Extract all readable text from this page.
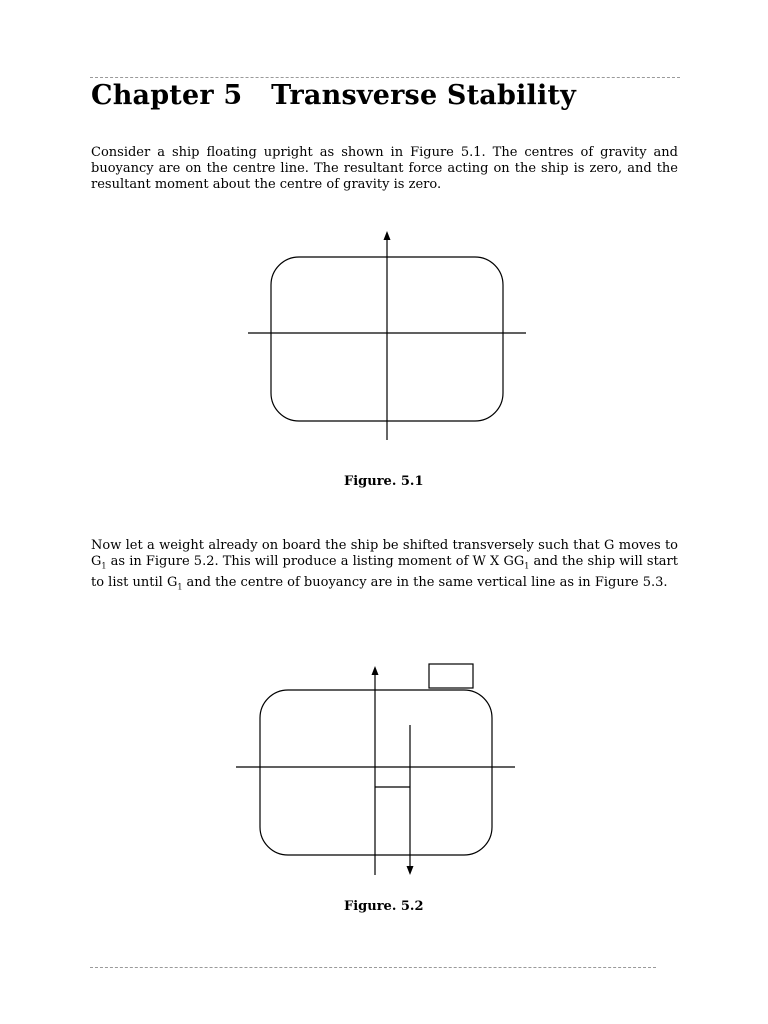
Chapter 5 Transverse Stability

Consider a ship floating upright as shown in Figure 5.1. The centres of gravity and buoyancy are on the centre line. The resultant force acting on the ship is zero, and the resultant moment about the centre of gravity is zero.

Figure. 5.1

Now let a weight already on board the ship be shifted transversely such that G moves to $G_1$ as in Figure 5.2. This will produce a listing moment of W X $GG_1$ and the ship will start to list until $G_1$ and the centre of buoyancy are in the same vertical line as in Figure 5.3.

Figure. 5.2
